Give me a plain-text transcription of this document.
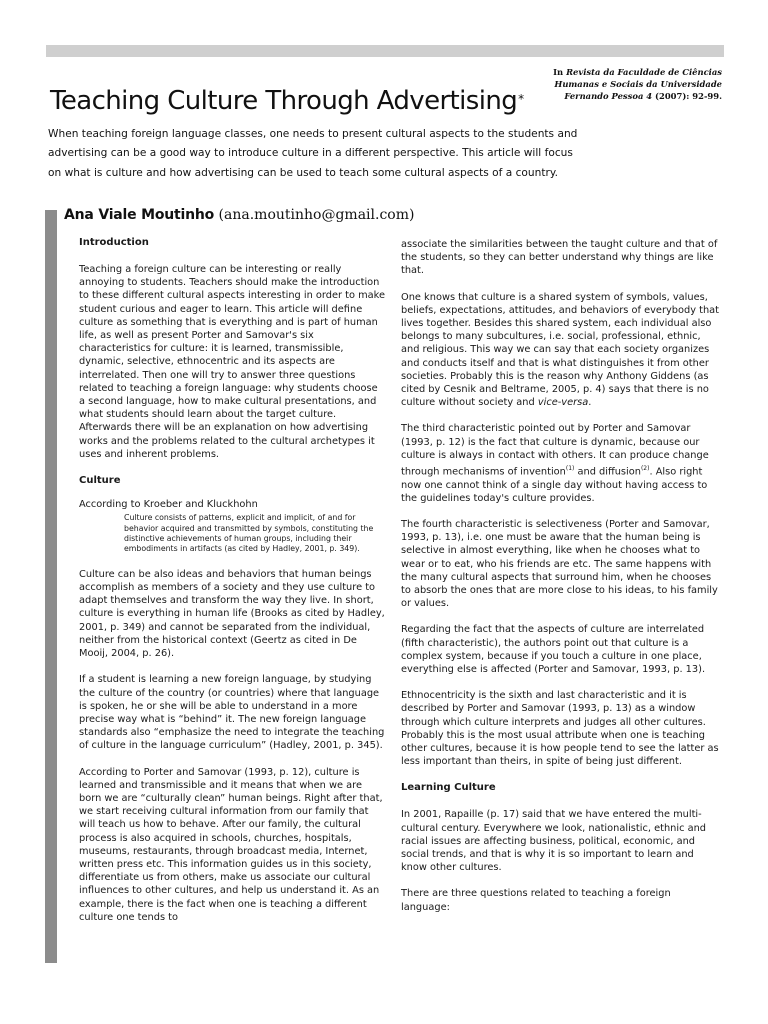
In Revista da Faculdade de Ciências Humanas e Sociais da Universidade Fernando Pessoa 4 (2007): 92-99.
Teaching Culture Through Advertising*

When teaching foreign language classes, one needs to present cultural aspects to the students and advertising can be a good way to introduce culture in a different perspective. This article will focus on what is culture and how advertising can be used to teach some cultural aspects of a country.

Ana Viale Moutinho (ana.moutinho@gmail.com)
Introduction

Teaching a foreign culture can be interesting or really annoying to students. Teachers should make the introduction to these different cultural aspects interesting in order to make student curious and eager to learn. This article will define culture as something that is everything and is part of human life, as well as present Porter and Samovar's six characteristics for culture: it is learned, transmissible, dynamic, selective, ethnocentric and its aspects are interrelated. Then one will try to answer three questions related to teaching a foreign language: why students choose a second language, how to make cultural presentations, and what students should learn about the target culture. Afterwards there will be an explanation on how advertising works and the problems related to the cultural archetypes it uses and inherent problems.

Culture

According to Kroeber and Kluckhohn

Culture consists of patterns, explicit and implicit, of and for behavior acquired and transmitted by symbols, constituting the distinctive achievements of human groups, including their embodiments in artifacts (as cited by Hadley, 2001, p. 349).

Culture can be also ideas and behaviors that human beings accomplish as members of a society and they use culture to adapt themselves and transform the way they live. In short, culture is everything in human life (Brooks as cited by Hadley, 2001, p. 349) and cannot be separated from the individual, neither from the historical context (Geertz as cited in De Mooij, 2004, p. 26).

If a student is learning a new foreign language, by studying the culture of the country (or countries) where that language is spoken, he or she will be able to understand in a more precise way what is “behind” it. The new foreign language standards also “emphasize the need to integrate the teaching of culture in the language curriculum” (Hadley, 2001, p. 345).

According to Porter and Samovar (1993, p. 12), culture is learned and transmissible and it means that when we are born we are “culturally clean” human beings. Right after that, we start receiving cultural information from our family that will teach us how to behave. After our family, the cultural process is also acquired in schools, churches, hospitals, museums, restaurants, through broadcast media, Internet, written press etc. This information guides us in this society, differentiate us from others, make us associate our cultural influences to other cultures, and help us understand it. As an example, there is the fact when one is teaching a different culture one tends to

associate the similarities between the taught culture and that of the students, so they can better understand why things are like that.

One knows that culture is a shared system of symbols, values, beliefs, expectations, attitudes, and behaviors of everybody that lives together. Besides this shared system, each individual also belongs to many subcultures, i.e. social, professional, ethnic, and religious. This way we can say that each society organizes and conducts itself and that is what distinguishes it from other societies. Probably this is the reason why Anthony Giddens (as cited by Cesnik and Beltrame, 2005, p. 4) says that there is no culture without society and vice-versa.

The third characteristic pointed out by Porter and Samovar (1993, p. 12) is the fact that culture is dynamic, because our culture is always in contact with others. It can produce change through mechanisms of invention$^{(1)}$ and diffusion$^{(2)}$. Also right now one cannot think of a single day without having access to the guidelines today's culture provides.

The fourth characteristic is selectiveness (Porter and Samovar, 1993, p. 13), i.e. one must be aware that the human being is selective in almost everything, like when he chooses what to wear or to eat, who his friends are etc. The same happens with the many cultural aspects that surround him, when he chooses to absorb the ones that are more close to his ideas, to his family or values.

Regarding the fact that the aspects of culture are interrelated (fifth characteristic), the authors point out that culture is a complex system, because if you touch a culture in one place, everything else is affected (Porter and Samovar, 1993, p. 13).

Ethnocentricity is the sixth and last characteristic and it is described by Porter and Samovar (1993, p. 13) as a window through which culture interprets and judges all other cultures. Probably this is the most usual attribute when one is teaching other cultures, because it is how people tend to see the latter as less important than theirs, in spite of being just different.

Learning Culture

In 2001, Rapaille (p. 17) said that we have entered the multi-cultural century. Everywhere we look, nationalistic, ethnic and racial issues are affecting business, political, economic, and social trends, and that is why it is so important to learn and know other cultures.

There are three questions related to teaching a foreign language:
